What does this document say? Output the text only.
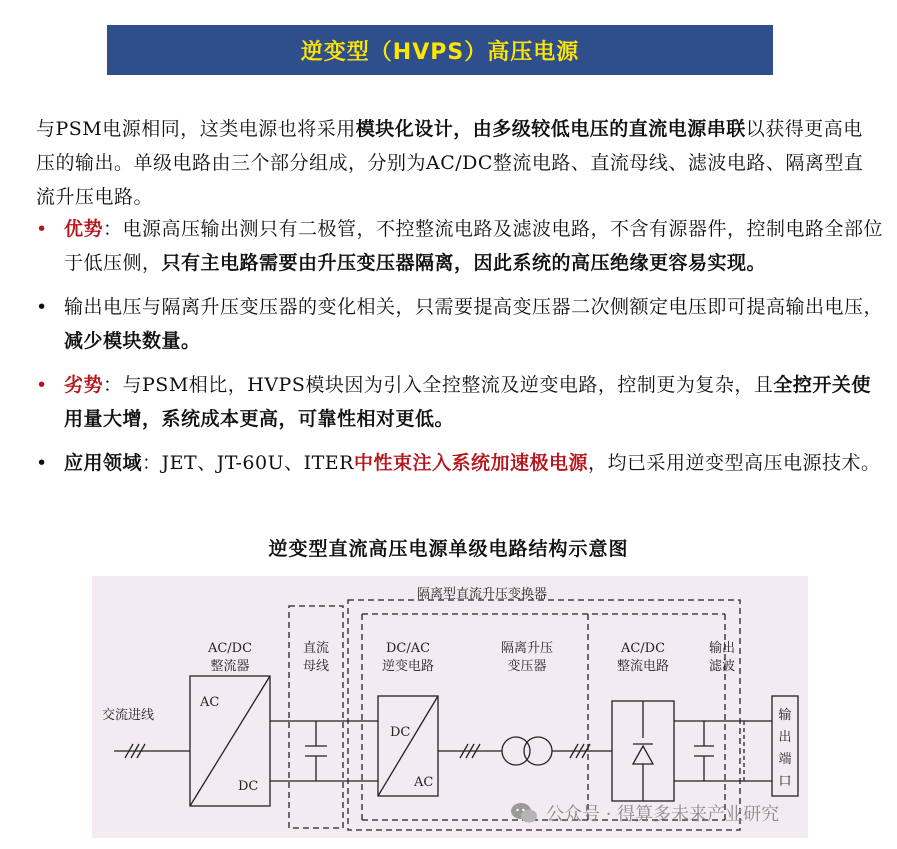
逆变型（HVPS）高压电源
与PSM电源相同，这类电源也将采用模块化设计，由多级较低电压的直流电源串联以获得更高电压的输出。单级电路由三个部分组成，分别为AC/DC整流电路、直流母线、滤波电路、隔离型直流升压电路。
• 优势：电源高压输出测只有二极管，不控整流电路及滤波电路，不含有源器件，控制电路全部位于低压侧，只有主电路需要由升压变压器隔离，因此系统的高压绝缘更容易实现。
• 输出电压与隔离升压变压器的变化相关，只需要提高变压器二次侧额定电压即可提高输出电压，减少模块数量。
• 劣势：与PSM相比，HVPS模块因为引入全控整流及逆变电路，控制更为复杂，且全控开关使用量大增，系统成本更高，可靠性相对更低。
• 应用领域：JET、JT-60U、ITER中性束注入系统加速极电源，均已采用逆变型高压电源技术。
逆变型直流高压电源单级电路结构示意图
隔离型直流升压变换器
交流进线
AC/DC
整流器
AC
DC
直流
母线
DC/AC
逆变电路
DC
AC
隔离升压
变压器
AC/DC
整流电路
输出
滤波
输
出
端
口
公众号 · 得算多未来产业研究
